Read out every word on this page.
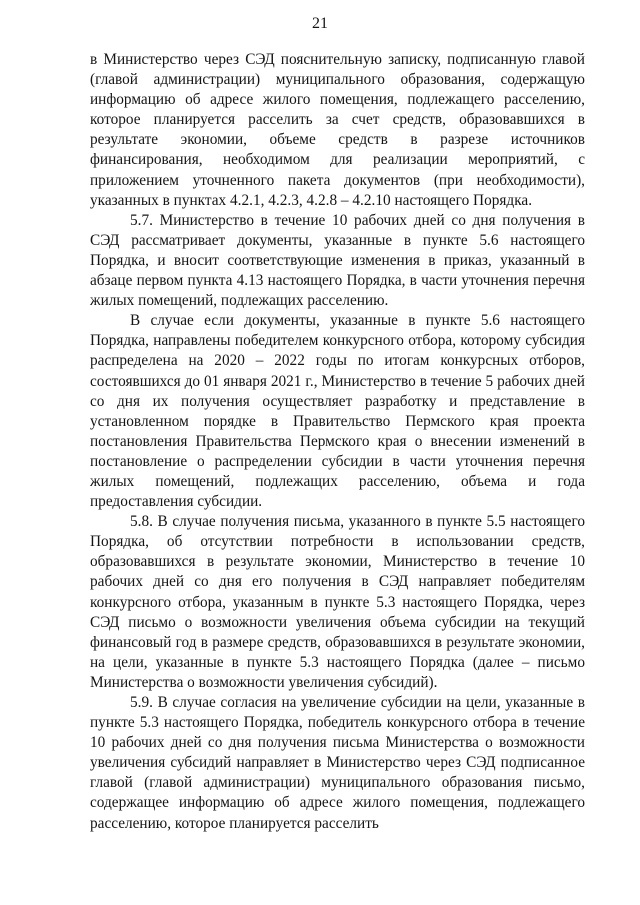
21

в Министерство через СЭД пояснительную записку, подписанную главой (главой администрации) муниципального образования, содержащую информацию об адресе жилого помещения, подлежащего расселению, которое планируется расселить за счет средств, образовавшихся в результате экономии, объеме средств в разрезе источников финансирования, необходимом для реализации мероприятий, с приложением уточненного пакета документов (при необходимости), указанных в пунктах 4.2.1, 4.2.3, 4.2.8 – 4.2.10 настоящего Порядка.

5.7. Министерство в течение 10 рабочих дней со дня получения в СЭД рассматривает документы, указанные в пункте 5.6 настоящего Порядка, и вносит соответствующие изменения в приказ, указанный в абзаце первом пункта 4.13 настоящего Порядка, в части уточнения перечня жилых помещений, подлежащих расселению.

В случае если документы, указанные в пункте 5.6 настоящего Порядка, направлены победителем конкурсного отбора, которому субсидия распределена на 2020 – 2022 годы по итогам конкурсных отборов, состоявшихся до 01 января 2021 г., Министерство в течение 5 рабочих дней со дня их получения осуществляет разработку и представление в установленном порядке в Правительство Пермского края проекта постановления Правительства Пермского края о внесении изменений в постановление о распределении субсидии в части уточнения перечня жилых помещений, подлежащих расселению, объема и года предоставления субсидии.

5.8. В случае получения письма, указанного в пункте 5.5 настоящего Порядка, об отсутствии потребности в использовании средств, образовавшихся в результате экономии, Министерство в течение 10 рабочих дней со дня его получения в СЭД направляет победителям конкурсного отбора, указанным в пункте 5.3 настоящего Порядка, через СЭД письмо о возможности увеличения объема субсидии на текущий финансовый год в размере средств, образовавшихся в результате экономии, на цели, указанные в пункте 5.3 настоящего Порядка (далее – письмо Министерства о возможности увеличения субсидий).

5.9. В случае согласия на увеличение субсидии на цели, указанные в пункте 5.3 настоящего Порядка, победитель конкурсного отбора в течение 10 рабочих дней со дня получения письма Министерства о возможности увеличения субсидий направляет в Министерство через СЭД подписанное главой (главой администрации) муниципального образования письмо, содержащее информацию об адресе жилого помещения, подлежащего расселению, которое планируется расселить
